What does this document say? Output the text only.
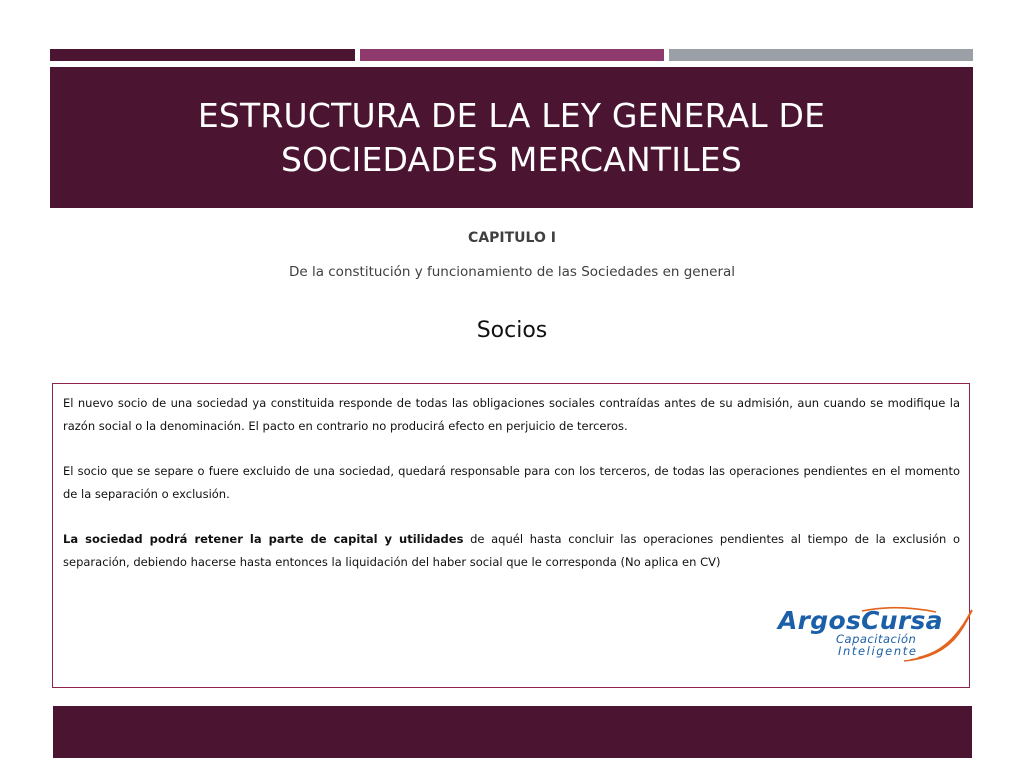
ESTRUCTURA DE LA LEY GENERAL DE SOCIEDADES MERCANTILES
CAPITULO I
De la constitución y funcionamiento de las Sociedades en general
Socios

El nuevo socio de una sociedad ya constituida responde de todas las obligaciones sociales contraídas antes de su admisión, aun cuando se modifique la razón social o la denominación. El pacto en contrario no producirá efecto en perjuicio de terceros.

El socio que se separe o fuere excluido de una sociedad, quedará responsable para con los terceros, de todas las operaciones pendientes en el momento de la separación o exclusión.

La sociedad podrá retener la parte de capital y utilidades de aquél hasta concluir las operaciones pendientes al tiempo de la exclusión o separación, debiendo hacerse hasta entonces la liquidación del haber social que le corresponda (No aplica en CV)

ArgosCursa
Capacitación
Inteligente
